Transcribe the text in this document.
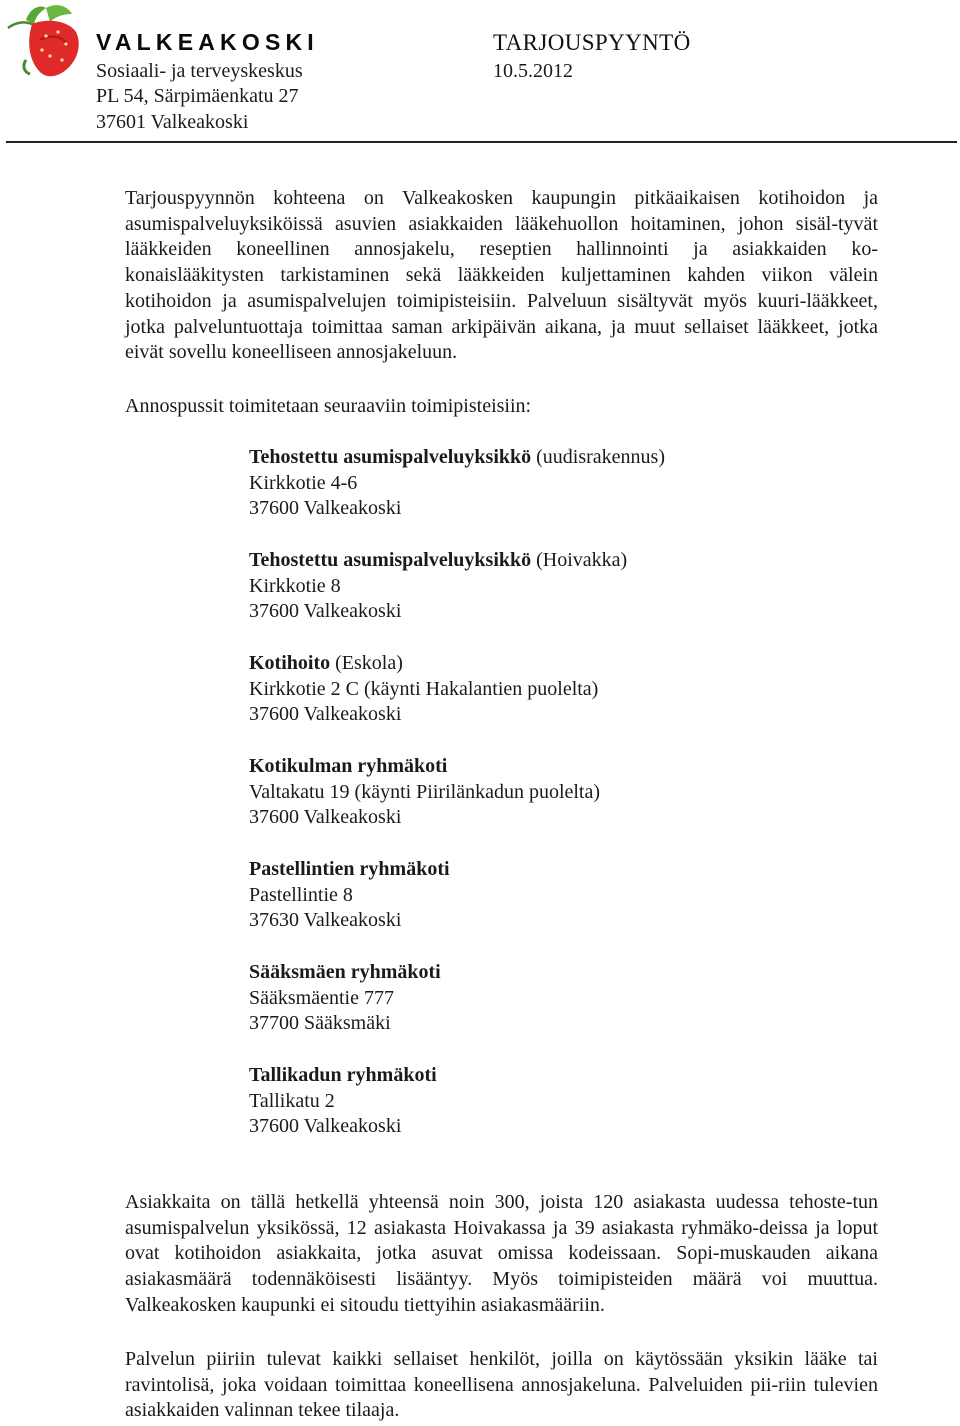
VALKEAKOSKI	TARJOUSPYYNTÖ
Sosiaali- ja terveyskeskus	10.5.2012
PL 54, Särpimäenkatu 27
37601 Valkeakoski

Tarjouspyynnön kohteena on Valkeakosken kaupungin pitkäaikaisen kotihoidon ja asumispalveluyksiköissä asuvien asiakkaiden lääkehuollon hoitaminen, johon sisäl-tyvät lääkkeiden koneellinen annosjakelu, reseptien hallinnointi ja asiakkaiden ko-konaislääkitysten tarkistaminen sekä lääkkeiden kuljettaminen kahden viikon välein kotihoidon ja asumispalvelujen toimipisteisiin. Palveluun sisältyvät myös kuuri-lääkkeet, jotka palveluntuottaja toimittaa saman arkipäivän aikana, ja muut sellaiset lääkkeet, jotka eivät sovellu koneelliseen annosjakeluun.

Annospussit toimitetaan seuraaviin toimipisteisiin:

Tehostettu asumispalveluyksikkö (uudisrakennus)
Kirkkotie 4-6
37600 Valkeakoski
Tehostettu asumispalveluyksikkö (Hoivakka)
Kirkkotie 8
37600 Valkeakoski
Kotihoito (Eskola)
Kirkkotie 2 C (käynti Hakalantien puolelta)
37600 Valkeakoski
Kotikulman ryhmäkoti
Valtakatu 19 (käynti Piirilänkadun puolelta)
37600 Valkeakoski
Pastellintien ryhmäkoti
Pastellintie 8
37630 Valkeakoski
Sääksmäen ryhmäkoti
Sääksmäentie 777
37700 Sääksmäki
Tallikadun ryhmäkoti
Tallikatu 2
37600 Valkeakoski

Asiakkaita on tällä hetkellä yhteensä noin 300, joista 120 asiakasta uudessa tehoste-tun asumispalvelun yksikössä, 12 asiakasta Hoivakassa ja 39 asiakasta ryhmäko-deissa ja loput ovat kotihoidon asiakkaita, jotka asuvat omissa kodeissaan. Sopi-muskauden aikana asiakasmäärä todennäköisesti lisääntyy. Myös toimipisteiden määrä voi muuttua. Valkeakosken kaupunki ei sitoudu tiettyihin asiakasmääriin.

Palvelun piiriin tulevat kaikki sellaiset henkilöt, joilla on käytössään yksikin lääke tai ravintolisä, joka voidaan toimittaa koneellisena annosjakeluna. Palveluiden pii-riin tulevien asiakkaiden valinnan tekee tilaaja.
